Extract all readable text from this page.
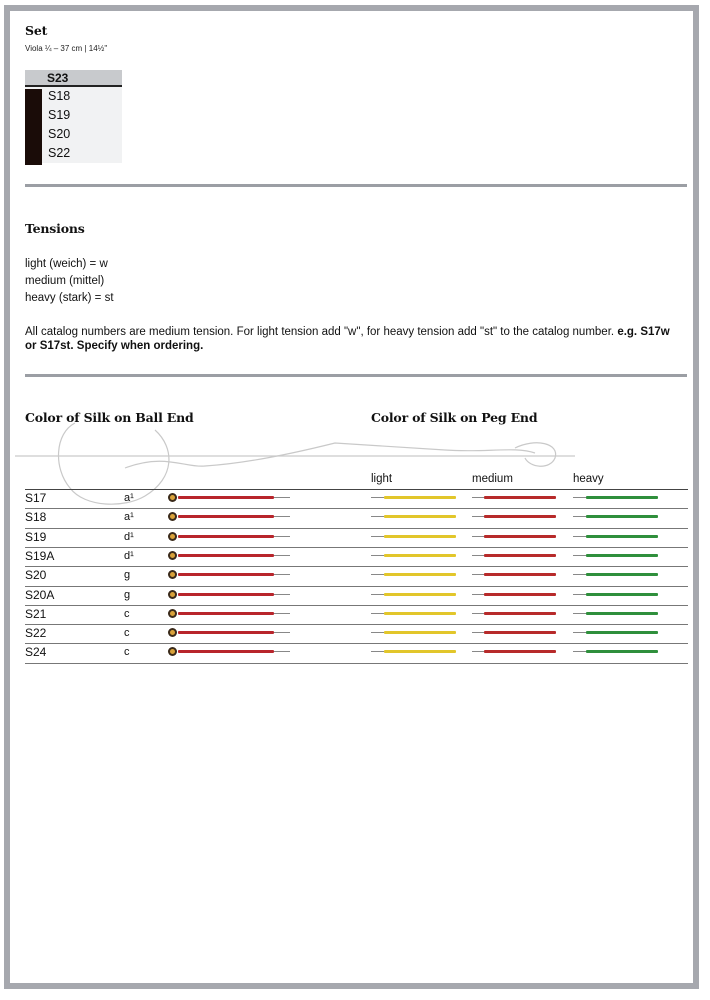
Set
Viola ¼ – 37 cm | 14½"
S23
S18
S19
S20
S22
Tensions
light (weich) = w
medium (mittel)
heavy (stark) = st
All catalog numbers are medium tension. For light tension add "w", for heavy tension add "st" to the catalog number. e.g. S17w or S17st. Specify when ordering.
Color of Silk on Ball End	Color of Silk on Peg End
light	medium	heavy
S17	a¹
S18	a¹
S19	d¹
S19A	d¹
S20	g
S20A	g
S21	c
S22	c
S24	c
